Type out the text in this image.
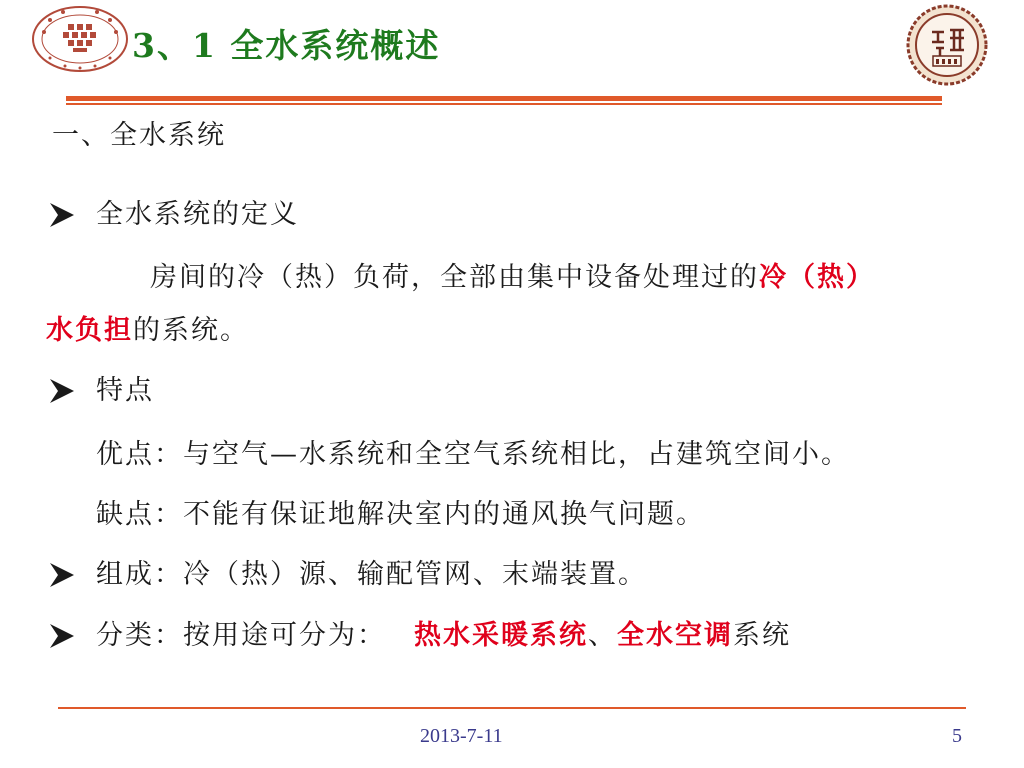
3、1 全水系统概述
一、全水系统
全水系统的定义
房间的冷（热）负荷，全部由集中设备处理过的冷（热）
水负担的系统。
特点
优点：与空气—水系统和全空气系统相比，占建筑空间小。
缺点：不能有保证地解决室内的通风换气问题。
组成：冷（热）源、输配管网、末端装置。
分类：按用途可分为： 热水采暖系统、全水空调系统
2013-7-11	5
